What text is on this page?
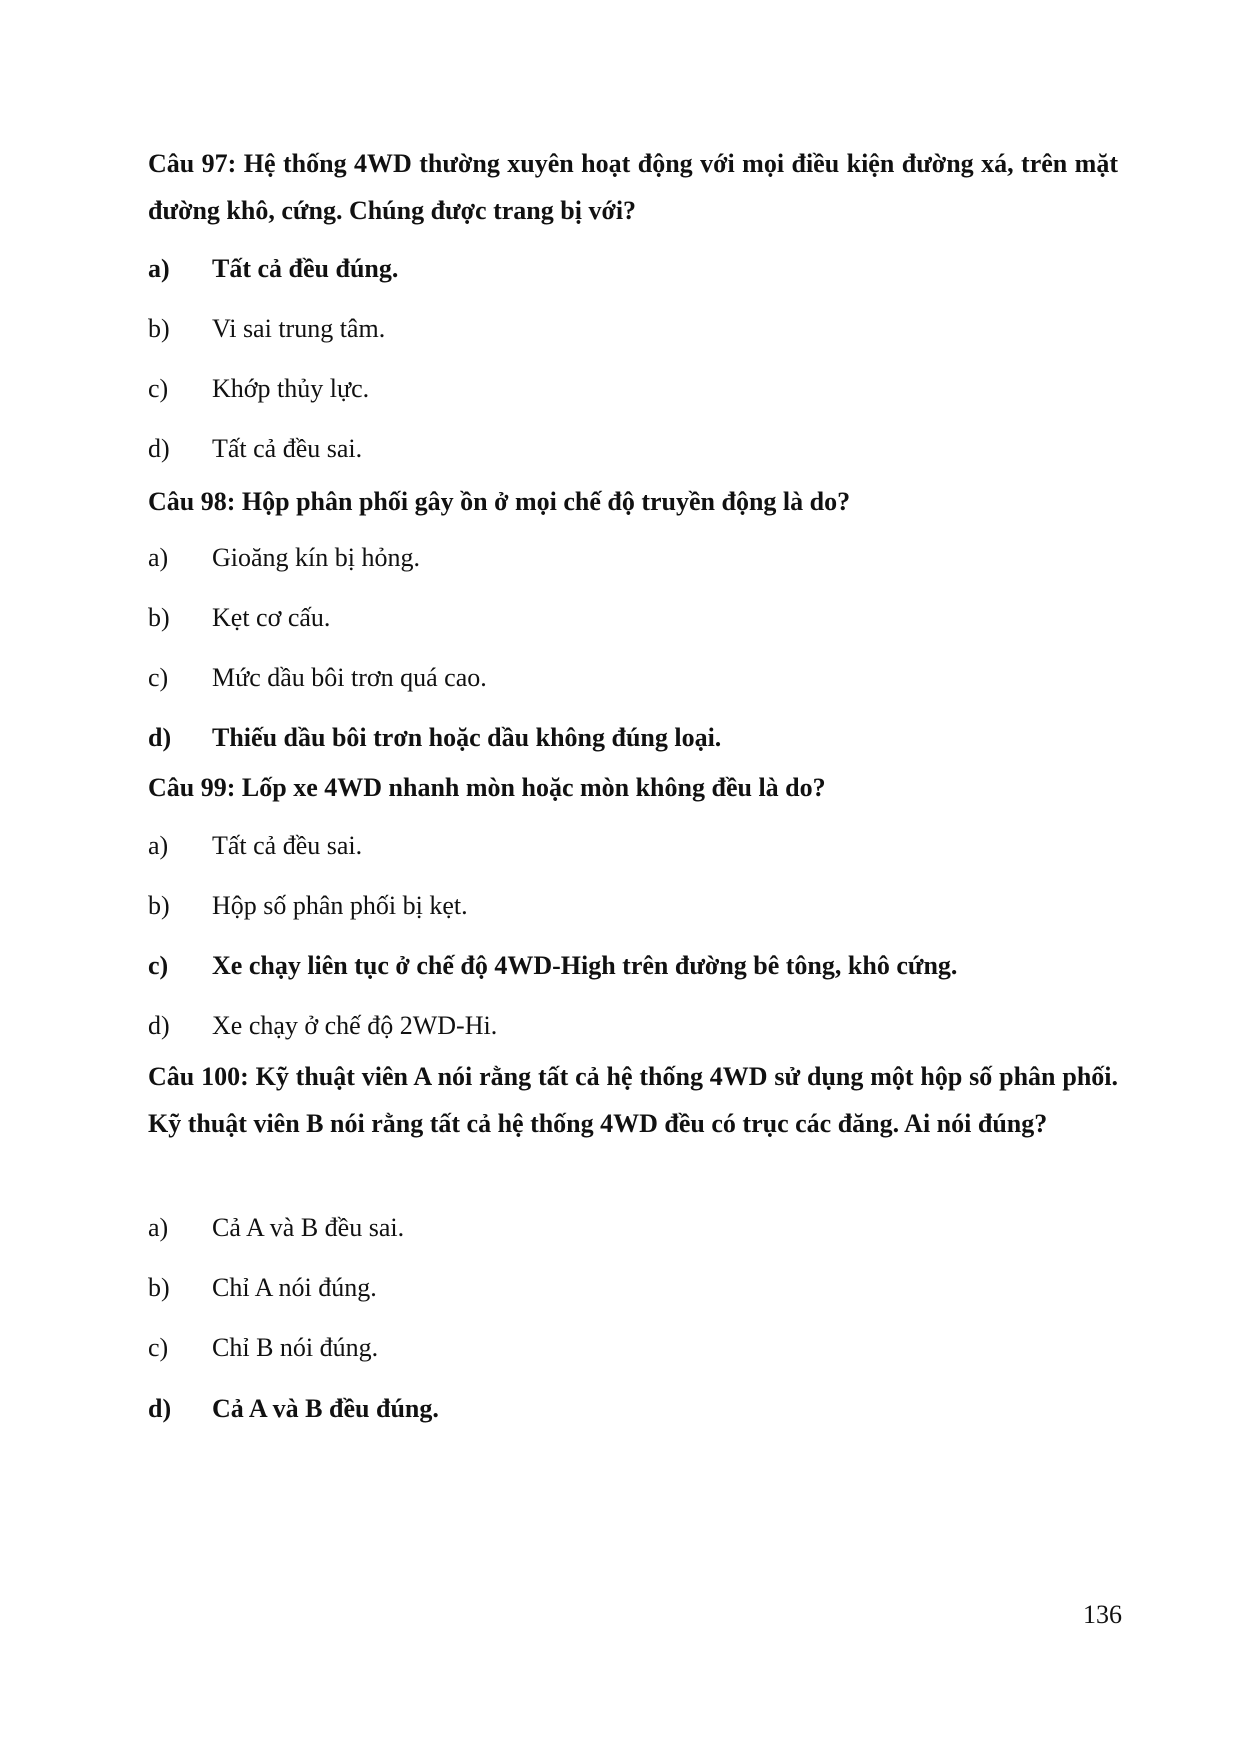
Câu 97: Hệ thống 4WD thường xuyên hoạt động với mọi điều kiện đường xá, trên mặt đường khô, cứng. Chúng được trang bị với?

a)	Tất cả đều đúng.
b)	Vi sai trung tâm.
c)	Khớp thủy lực.
d)	Tất cả đều sai.

Câu 98: Hộp phân phối gây ồn ở mọi chế độ truyền động là do?

a)	Gioăng kín bị hỏng.
b)	Kẹt cơ cấu.
c)	Mức dầu bôi trơn quá cao.
d)	Thiếu dầu bôi trơn hoặc dầu không đúng loại.

Câu 99: Lốp xe 4WD nhanh mòn hoặc mòn không đều là do?

a)	Tất cả đều sai.
b)	Hộp số phân phối bị kẹt.
c)	Xe chạy liên tục ở chế độ 4WD-High trên đường bê tông, khô cứng.
d)	Xe chạy ở chế độ 2WD-Hi.

Câu 100: Kỹ thuật viên A nói rằng tất cả hệ thống 4WD sử dụng một hộp số phân phối. Kỹ thuật viên B nói rằng tất cả hệ thống 4WD đều có trục các đăng. Ai nói đúng?

a)	Cả A và B đều sai.
b)	Chỉ A nói đúng.
c)	Chỉ B nói đúng.
d)	Cả A và B đều đúng.
136
